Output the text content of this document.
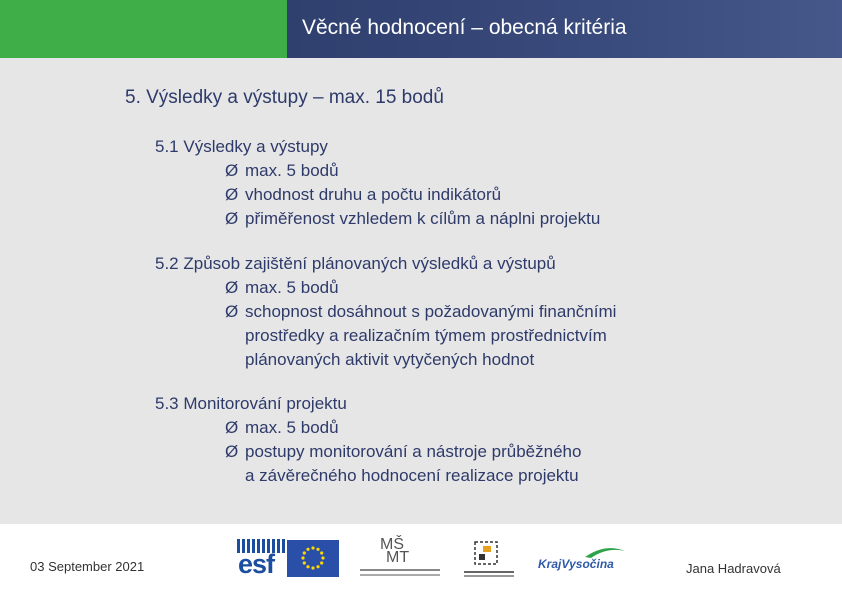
Věcné hodnocení – obecná kritéria
5. Výsledky a výstupy – max. 15 bodů
5.1 Výsledky a výstupy
Ø max. 5 bodů
Ø vhodnost druhu a počtu indikátorů
Ø přiměřenost vzhledem k cílům a náplni projektu
5.2 Způsob zajištění plánovaných výsledků a výstupů
Ø max. 5 bodů
Ø schopnost dosáhnout s požadovanými finančními
prostředky a realizačním týmem prostřednictvím
plánovaných aktivit vytyčených hodnot
5.3 Monitorování projektu
Ø max. 5 bodů
Ø postupy monitorování a nástroje průběžného
a závěrečného hodnocení realizace projektu
03 September 2021	esf
MŠ
MT	KrajVysočina	Jana Hadravová
